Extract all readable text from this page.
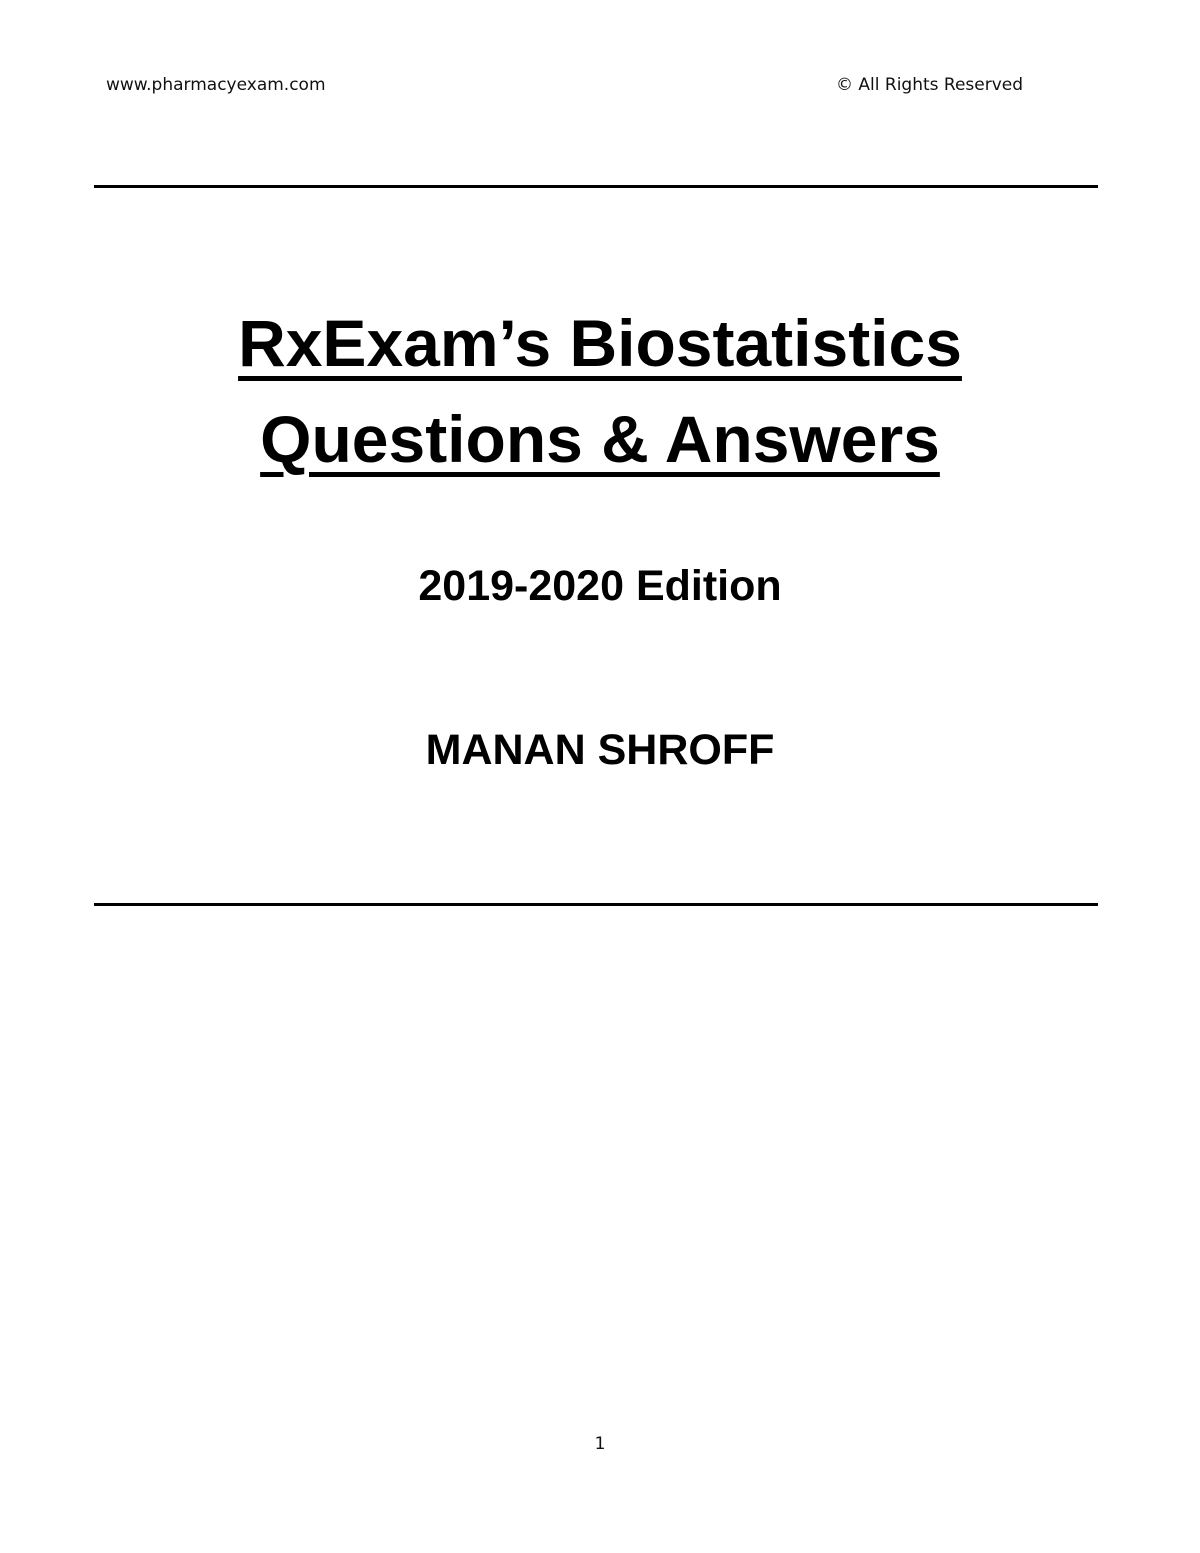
www.pharmacyexam.com	© All Rights Reserved
RxExam’s Biostatistics
Questions & Answers
2019-2020 Edition
MANAN SHROFF
1
